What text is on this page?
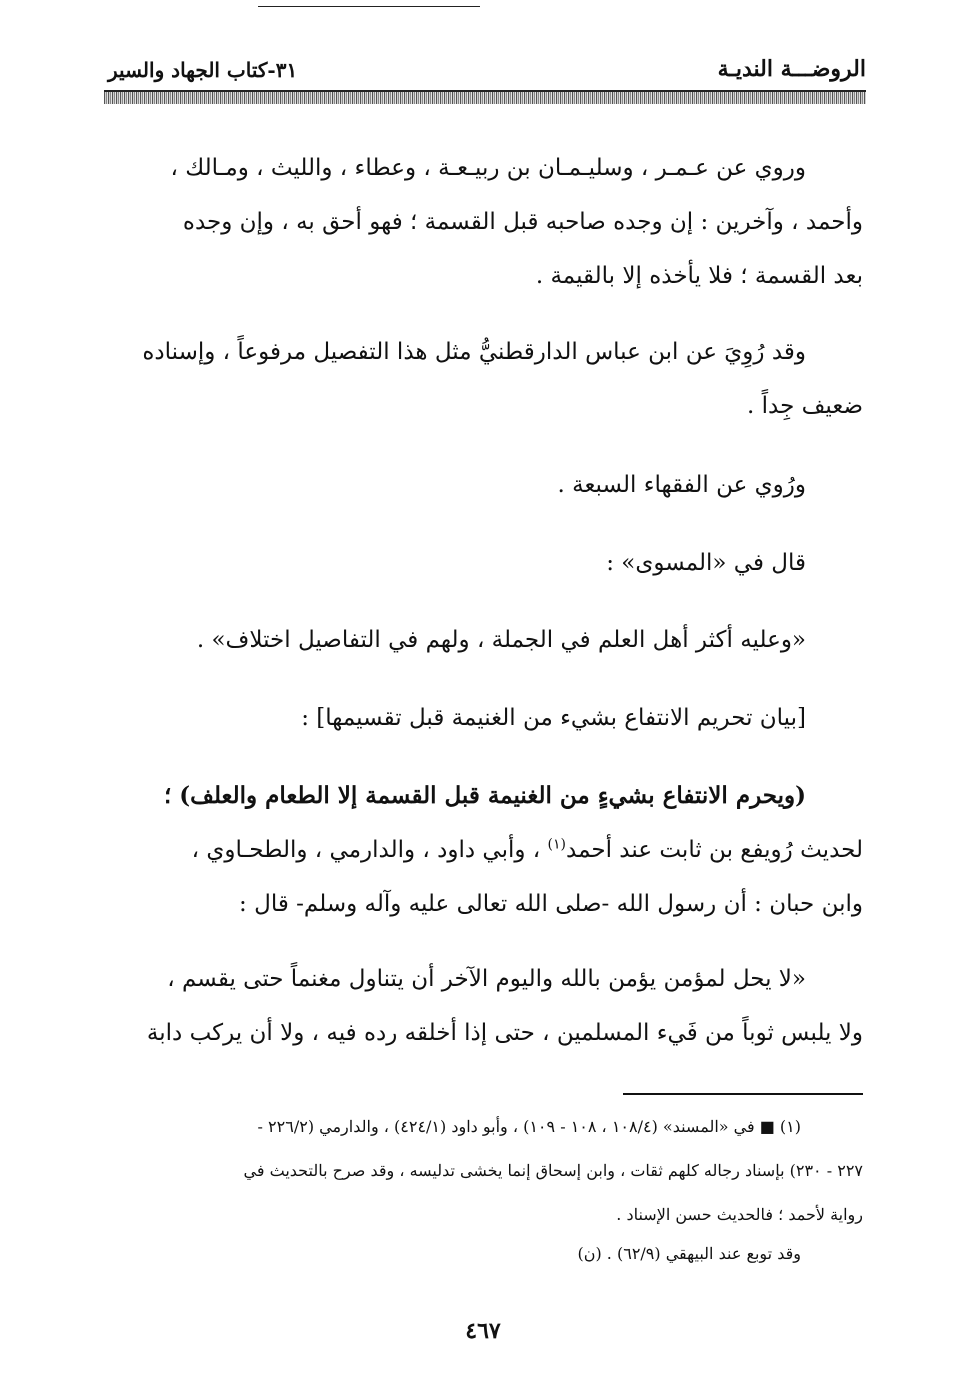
الروضـــة النديـة
٣١-كتاب الجهاد والسير
وروي عن عـمـر ، وسليـمـان بن ربيـعـة ، وعطاء ، والليث ، ومـالك ،
وأحمد ، وآخرين : إن وجده صاحبه قبل القسمة ؛ فهو أحق به ، وإن وجده
بعد القسمة ؛ فلا يأخذه إلا بالقيمة .
وقد رُوِيَ عن ابن عباس الدارقطنيُّ مثل هذا التفصيل مرفوعاً ، وإسناده
ضعيف جِداً .
ورُوي عن الفقهاء السبعة .
قال في «المسوى» :
«وعليه أكثر أهل العلم في الجملة ، ولهم في التفاصيل اختلاف» .
[بيان تحريم الانتفاع بشيء من الغنيمة قبل تقسيمها] :
(ويحرم الانتفاع بشيءٍ من الغنيمة قبل القسمة إلا الطعام والعلف) ؛
لحديث رُويفع بن ثابت عند أحمد$^{(١)}$ ، وأبي داود ، والدارمي ، والطحـاوي ،
وابن حبان : أن رسول الله -صلى الله تعالى عليه وآله وسلم- قال :
«لا يحل لمؤمن يؤمن بالله واليوم الآخر أن يتناول مغنماً حتى يقسم ،
ولا يلبس ثوباً من فَيء المسلمين ، حتى إذا أخلقه رده فيه ، ولا أن يركب دابة
(١) ■ في «المسند» (١٠٨/٤ ، ١٠٨ - ١٠٩) ، وأبو داود (٤٢٤/١) ، والدارمي (٢٢٦/٢ -
٢٢٧ - ٢٣٠) بإسناد رجاله كلهم ثقات ، وابن إسحاق إنما يخشى تدليسه ، وقد صرح بالتحديث في
رواية لأحمد ؛ فالحديث حسن الإسناد .
وقد توبع عند البيهقي (٦٢/٩) . (ن)
٤٦٧
